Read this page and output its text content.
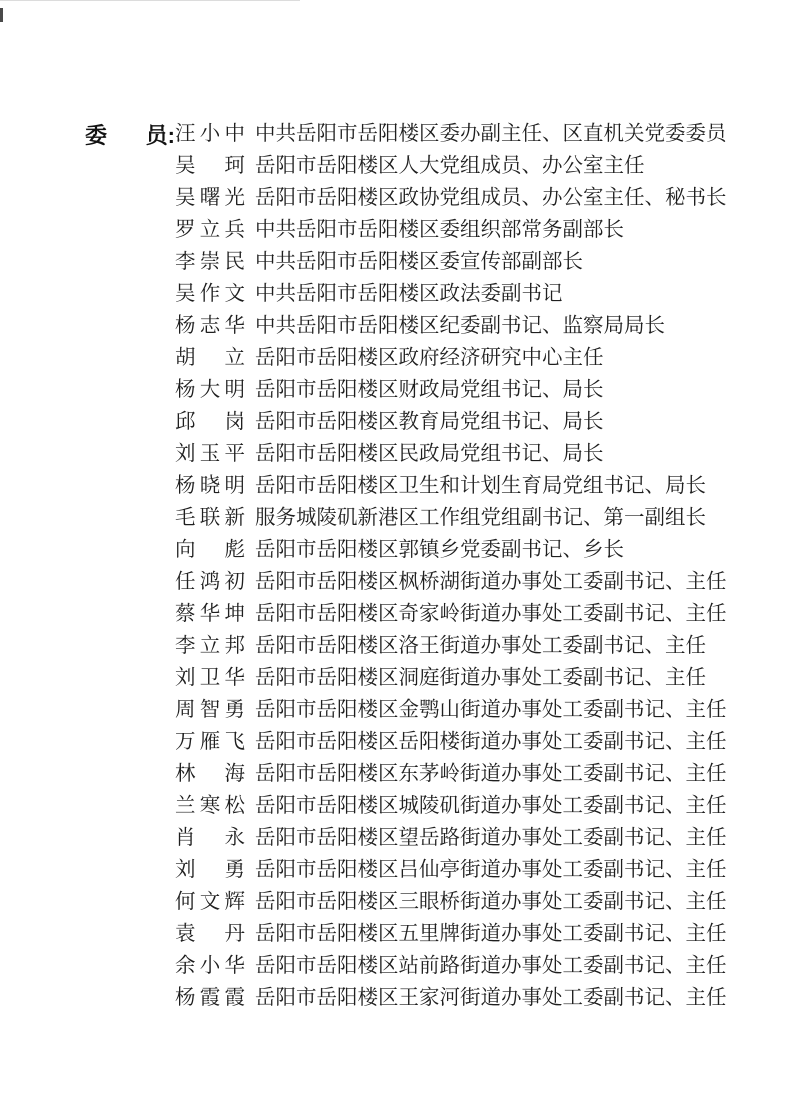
委 员: 汪小中 中共岳阳市岳阳楼区委办副主任、区直机关党委委员
吴　珂 岳阳市岳阳楼区人大党组成员、办公室主任
吴曙光 岳阳市岳阳楼区政协党组成员、办公室主任、秘书长
罗立兵 中共岳阳市岳阳楼区委组织部常务副部长
李崇民 中共岳阳市岳阳楼区委宣传部副部长
吴作文 中共岳阳市岳阳楼区政法委副书记
杨志华 中共岳阳市岳阳楼区纪委副书记、监察局局长
胡　立 岳阳市岳阳楼区政府经济研究中心主任
杨大明 岳阳市岳阳楼区财政局党组书记、局长
邱　岗 岳阳市岳阳楼区教育局党组书记、局长
刘玉平 岳阳市岳阳楼区民政局党组书记、局长
杨晓明 岳阳市岳阳楼区卫生和计划生育局党组书记、局长
毛联新 服务城陵矶新港区工作组党组副书记、第一副组长
向　彪 岳阳市岳阳楼区郭镇乡党委副书记、乡长
任鸿初 岳阳市岳阳楼区枫桥湖街道办事处工委副书记、主任
蔡华坤 岳阳市岳阳楼区奇家岭街道办事处工委副书记、主任
李立邦 岳阳市岳阳楼区洛王街道办事处工委副书记、主任
刘卫华 岳阳市岳阳楼区洞庭街道办事处工委副书记、主任
周智勇 岳阳市岳阳楼区金鹗山街道办事处工委副书记、主任
万雁飞 岳阳市岳阳楼区岳阳楼街道办事处工委副书记、主任
林　海 岳阳市岳阳楼区东茅岭街道办事处工委副书记、主任
兰寒松 岳阳市岳阳楼区城陵矶街道办事处工委副书记、主任
肖　永 岳阳市岳阳楼区望岳路街道办事处工委副书记、主任
刘　勇 岳阳市岳阳楼区吕仙亭街道办事处工委副书记、主任
何文辉 岳阳市岳阳楼区三眼桥街道办事处工委副书记、主任
袁　丹 岳阳市岳阳楼区五里牌街道办事处工委副书记、主任
余小华 岳阳市岳阳楼区站前路街道办事处工委副书记、主任
杨霞霞 岳阳市岳阳楼区王家河街道办事处工委副书记、主任
